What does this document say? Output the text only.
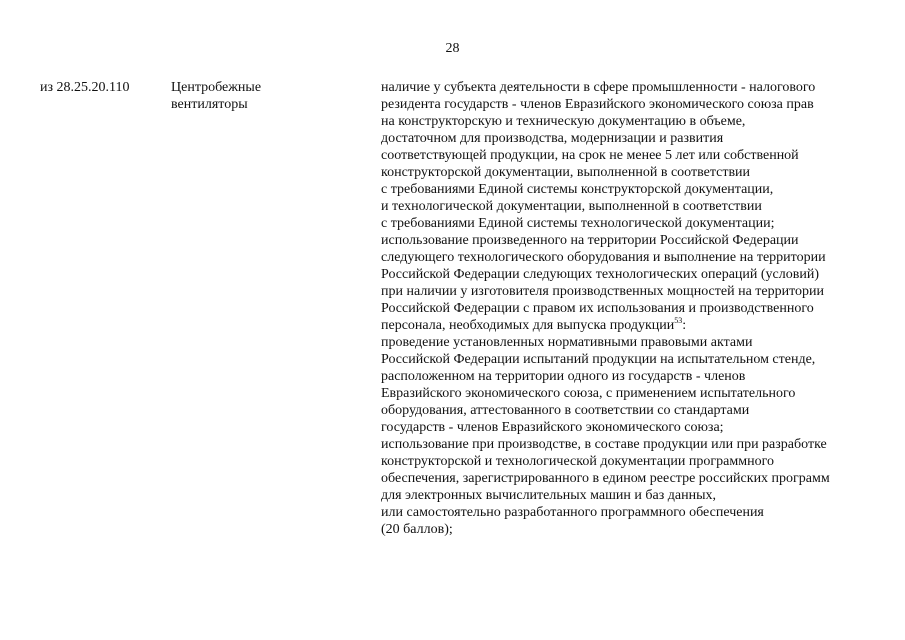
28
из 28.25.20.110	Центробежные
вентиляторы
наличие у субъекта деятельности в сфере промышленности - налогового
резидента государств - членов Евразийского экономического союза прав
на конструкторскую и техническую документацию в объеме,
достаточном для производства, модернизации и развития
соответствующей продукции, на срок не менее 5 лет или собственной
конструкторской документации, выполненной в соответствии
с требованиями Единой системы конструкторской документации,
и технологической документации, выполненной в соответствии
с требованиями Единой системы технологической документации;
использование произведенного на территории Российской Федерации
следующего технологического оборудования и выполнение на территории
Российской Федерации следующих технологических операций (условий)
при наличии у изготовителя производственных мощностей на территории
Российской Федерации с правом их использования и производственного
персонала, необходимых для выпуска продукции$^{53}$:
проведение установленных нормативными правовыми актами
Российской Федерации испытаний продукции на испытательном стенде,
расположенном на территории одного из государств - членов
Евразийского экономического союза, с применением испытательного
оборудования, аттестованного в соответствии со стандартами
государств - членов Евразийского экономического союза;
использование при производстве, в составе продукции или при разработке
конструкторской и технологической документации программного
обеспечения, зарегистрированного в едином реестре российских программ
для электронных вычислительных машин и баз данных,
или самостоятельно разработанного программного обеспечения
(20 баллов);
